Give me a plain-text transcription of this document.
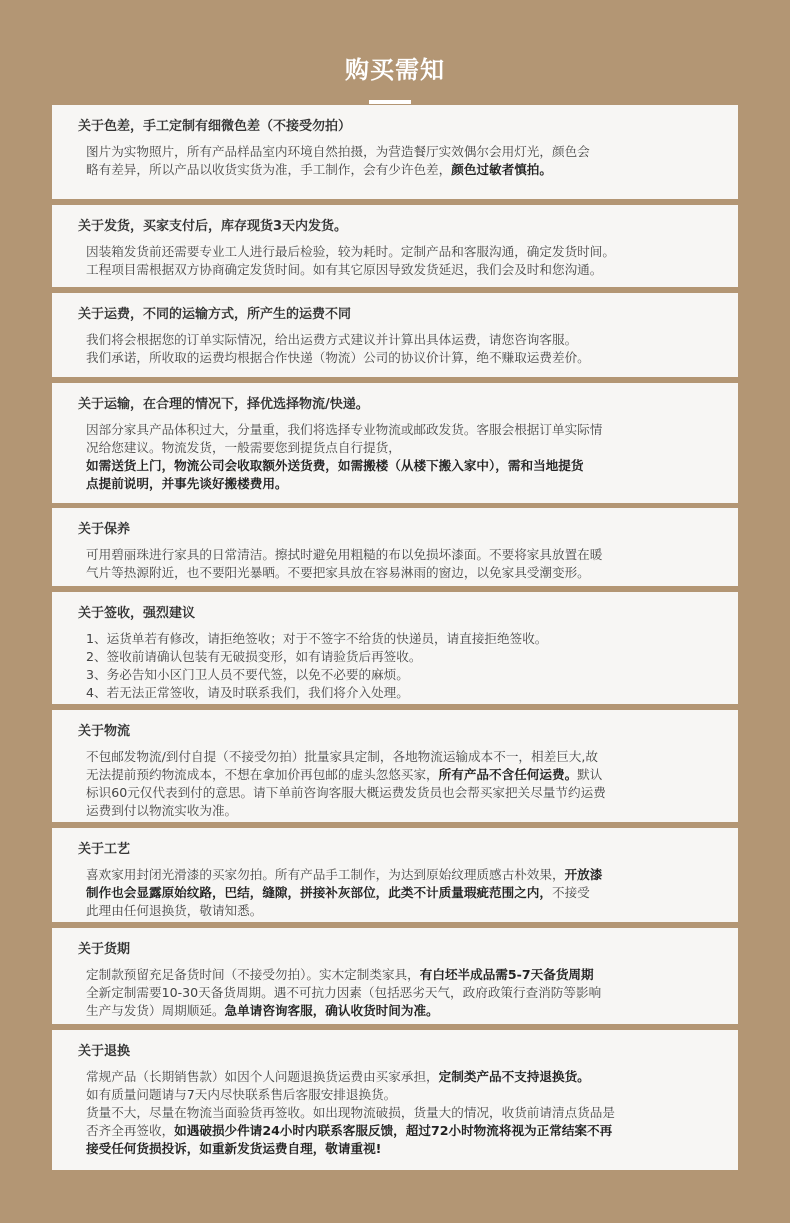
购买需知
关于色差，手工定制有细微色差（不接受勿拍）
图片为实物照片，所有产品样品室内环境自然拍摄，为营造餐厅实效偶尔会用灯光，颜色会
略有差异，所以产品以收货实货为准，手工制作，会有少许色差，颜色过敏者慎拍。
关于发货，买家支付后，库存现货3天内发货。
因装箱发货前还需要专业工人进行最后检验，较为耗时。定制产品和客服沟通，确定发货时间。
工程项目需根据双方协商确定发货时间。如有其它原因导致发货延迟，我们会及时和您沟通。
关于运费，不同的运输方式，所产生的运费不同
我们将会根据您的订单实际情况，给出运费方式建议并计算出具体运费，请您咨询客服。
我们承诺，所收取的运费均根据合作快递（物流）公司的协议价计算，绝不赚取运费差价。
关于运输，在合理的情况下，择优选择物流/快递。
因部分家具产品体积过大，分量重，我们将选择专业物流或邮政发货。客服会根据订单实际情
况给您建议。物流发货，一般需要您到提货点自行提货，
如需送货上门，物流公司会收取额外送货费，如需搬楼（从楼下搬入家中），需和当地提货
点提前说明，并事先谈好搬楼费用。
关于保养
可用碧丽珠进行家具的日常清洁。擦拭时避免用粗糙的布以免损坏漆面。不要将家具放置在暖
气片等热源附近，也不要阳光暴晒。不要把家具放在容易淋雨的窗边，以免家具受潮变形。
关于签收，强烈建议
1、运货单若有修改，请拒绝签收；对于不签字不给货的快递员，请直接拒绝签收。
2、签收前请确认包装有无破损变形，如有请验货后再签收。
3、务必告知小区门卫人员不要代签，以免不必要的麻烦。
4、若无法正常签收，请及时联系我们，我们将介入处理。
关于物流
不包邮发物流/到付自提（不接受勿拍）批量家具定制，各地物流运输成本不一，相差巨大,故
无法提前预约物流成本，不想在拿加价再包邮的虚头忽悠买家，所有产品不含任何运费。默认
标识60元仅代表到付的意思。请下单前咨询客服大概运费发货员也会帮买家把关尽量节约运费
运费到付以物流实收为准。
关于工艺
喜欢家用封闭光滑漆的买家勿拍。所有产品手工制作，为达到原始纹理质感古朴效果，开放漆
制作也会显露原始纹路，巴结，缝隙，拼接补灰部位，此类不计质量瑕疵范围之内，不接受
此理由任何退换货，敬请知悉。
关于货期
定制款预留充足备货时间（不接受勿拍）。实木定制类家具，有白坯半成品需5-7天备货周期
全新定制需要10-30天备货周期。遇不可抗力因素（包括恶劣天气，政府政策行查消防等影响
生产与发货）周期顺延。急单请咨询客服，确认收货时间为准。
关于退换
常规产品（长期销售款）如因个人问题退换货运费由买家承担，定制类产品不支持退换货。
如有质量问题请与7天内尽快联系售后客服安排退换货。
货量不大，尽量在物流当面验货再签收。如出现物流破损，货量大的情况，收货前请清点货品是
否齐全再签收，如遇破损少件请24小时内联系客服反馈，超过72小时物流将视为正常结案不再
接受任何货损投诉，如重新发货运费自理，敬请重视!
